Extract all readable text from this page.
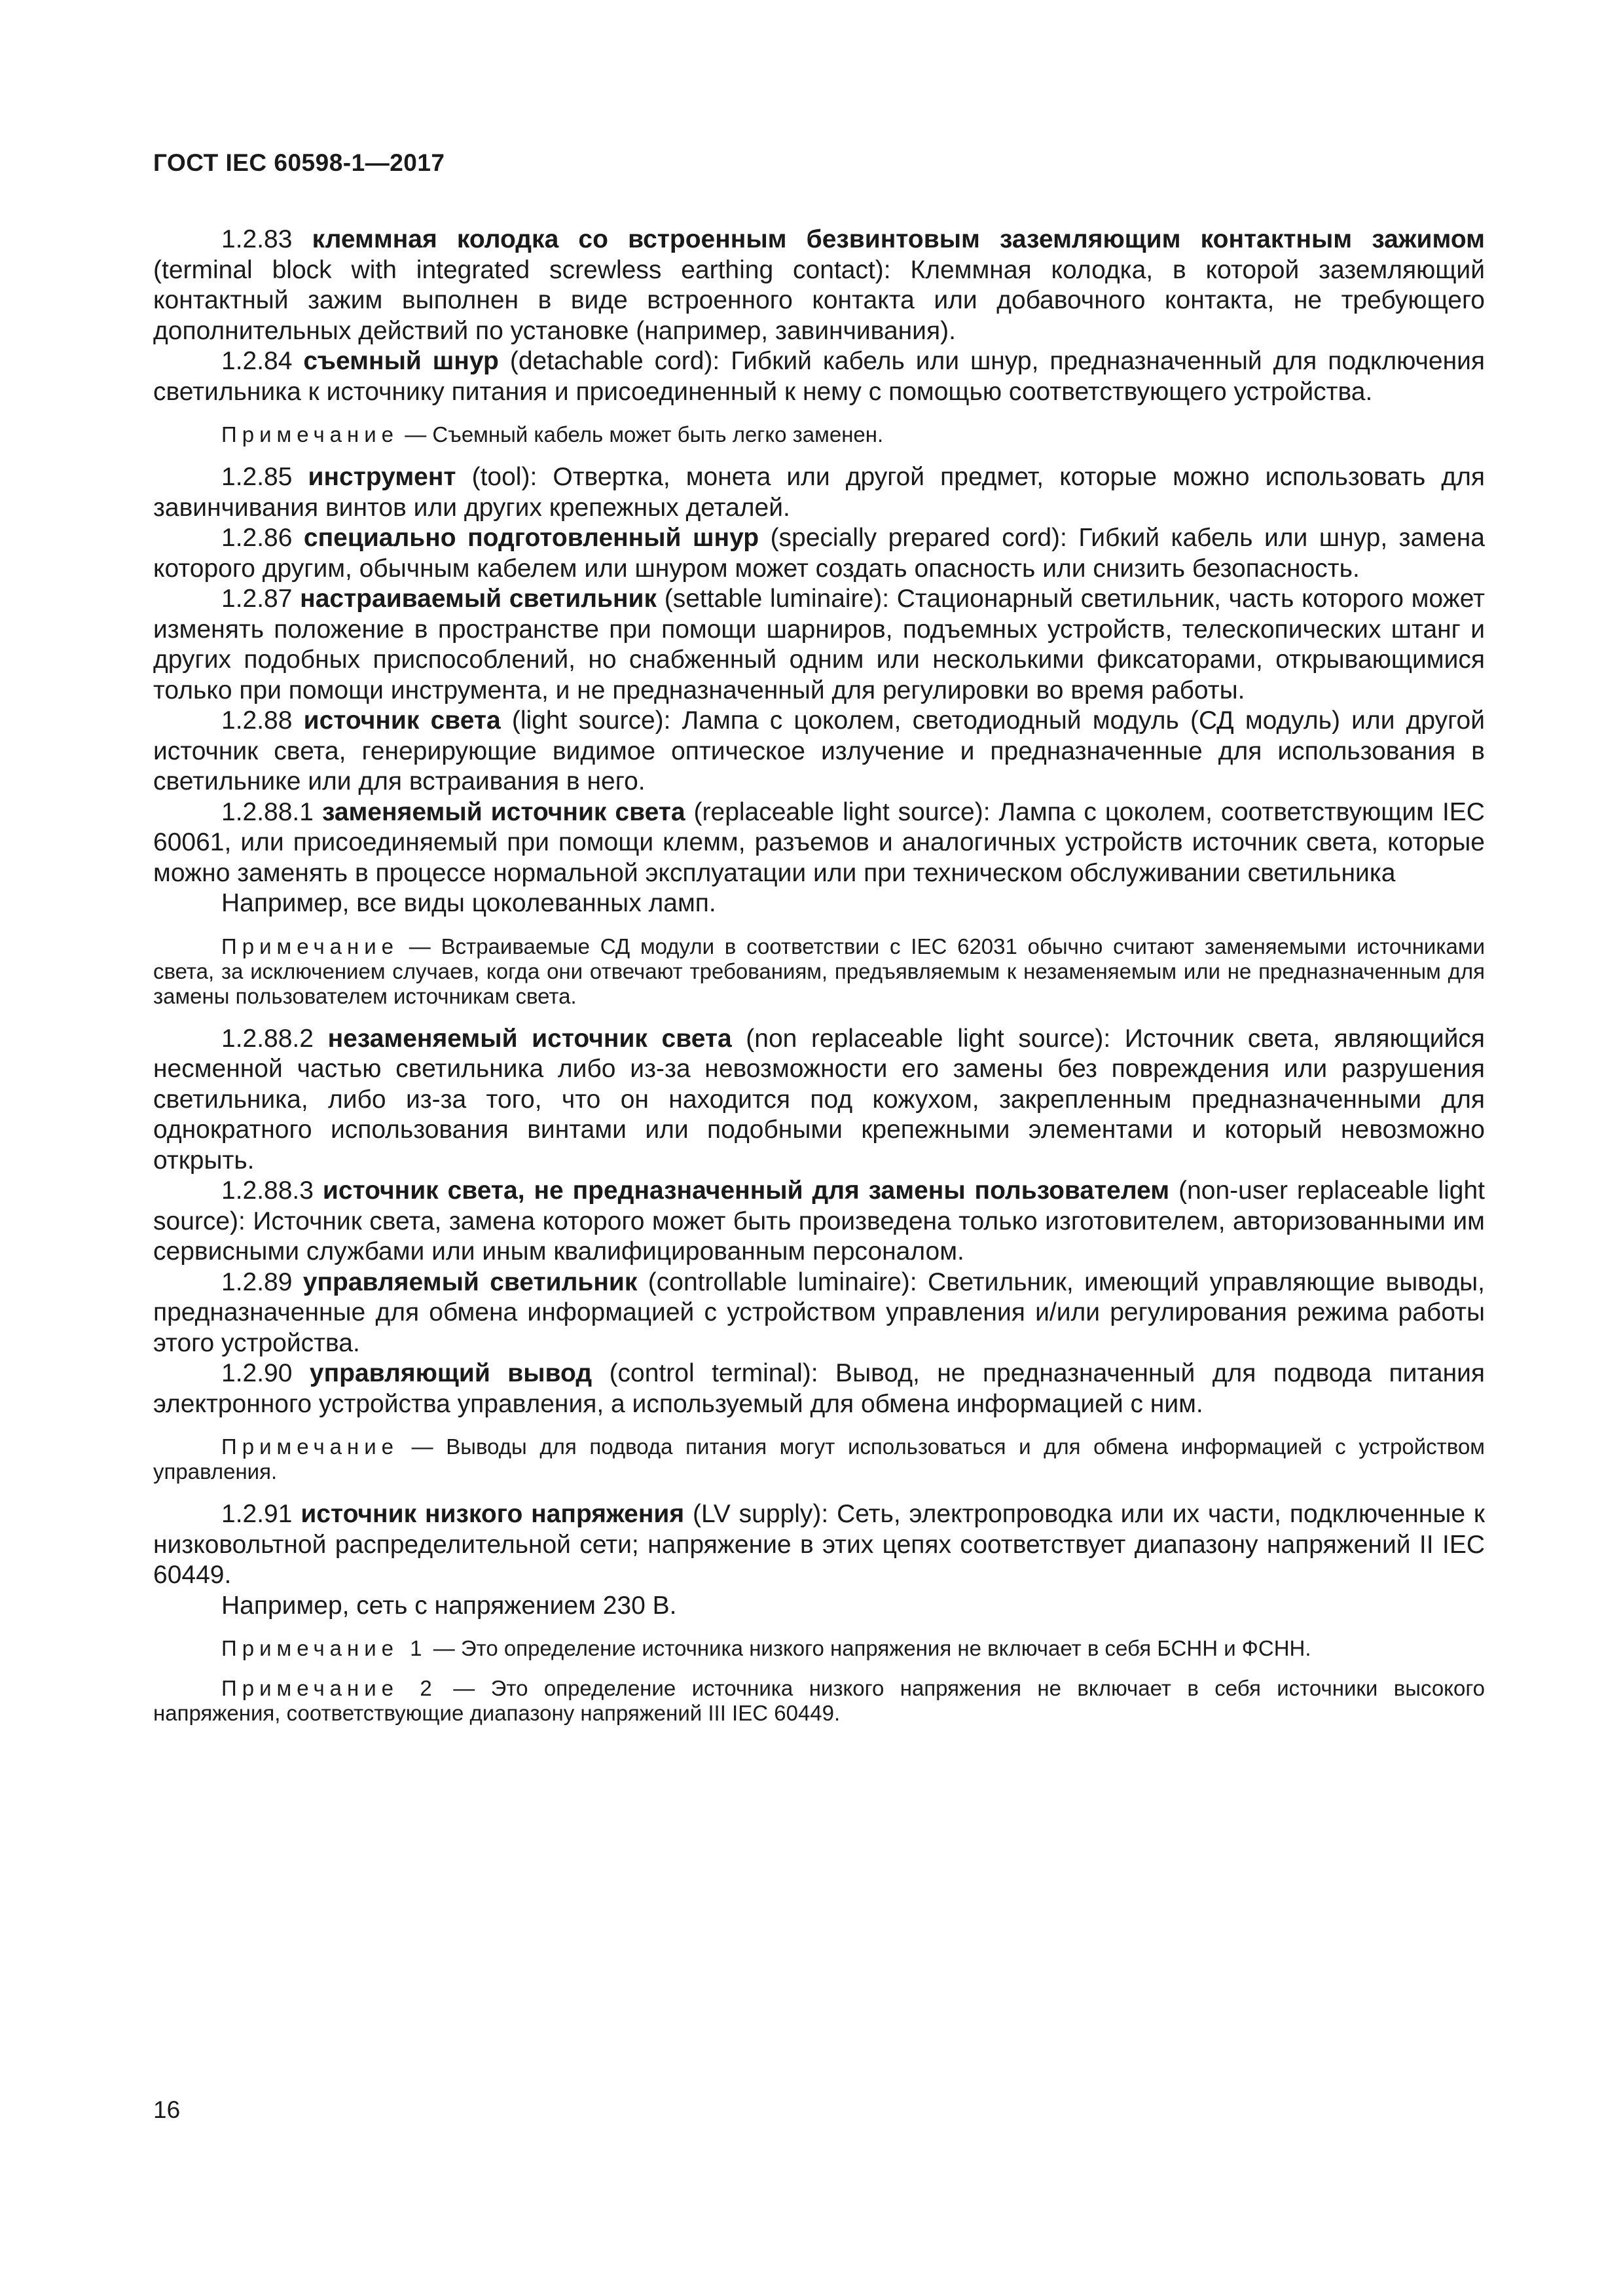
ГОСТ IEC 60598-1—2017

1.2.83 клеммная колодка со встроенным безвинтовым заземляющим контактным зажимом (terminal block with integrated screwless earthing contact): Клеммная колодка, в которой заземляющий контактный зажим выполнен в виде встроенного контакта или добавочного контакта, не требующего дополнительных действий по установке (например, завинчивания).

1.2.84 съемный шнур (detachable cord): Гибкий кабель или шнур, предназначенный для подключения светильника к источнику питания и присоединенный к нему с помощью соответствующего устройства.

Примечание — Съемный кабель может быть легко заменен.

1.2.85 инструмент (tool): Отвертка, монета или другой предмет, которые можно использовать для завинчивания винтов или других крепежных деталей.

1.2.86 специально подготовленный шнур (specially prepared cord): Гибкий кабель или шнур, замена которого другим, обычным кабелем или шнуром может создать опасность или снизить безопасность.

1.2.87 настраиваемый светильник (settable luminaire): Стационарный светильник, часть которого может изменять положение в пространстве при помощи шарниров, подъемных устройств, телескопических штанг и других подобных приспособлений, но снабженный одним или несколькими фиксаторами, открывающимися только при помощи инструмента, и не предназначенный для регулировки во время работы.

1.2.88 источник света (light source): Лампа с цоколем, светодиодный модуль (СД модуль) или другой источник света, генерирующие видимое оптическое излучение и предназначенные для использования в светильнике или для встраивания в него.

1.2.88.1 заменяемый источник света (replaceable light source): Лампа с цоколем, соответствующим IEC 60061, или присоединяемый при помощи клемм, разъемов и аналогичных устройств источник света, которые можно заменять в процессе нормальной эксплуатации или при техническом обслуживании светильника

Например, все виды цоколеванных ламп.

Примечание — Встраиваемые СД модули в соответствии с IEC 62031 обычно считают заменяемыми источниками света, за исключением случаев, когда они отвечают требованиям, предъявляемым к незаменяемым или не предназначенным для замены пользователем источникам света.

1.2.88.2 незаменяемый источник света (non replaceable light source): Источник света, являющийся несменной частью светильника либо из-за невозможности его замены без повреждения или разрушения светильника, либо из-за того, что он находится под кожухом, закрепленным предназначенными для однократного использования винтами или подобными крепежными элементами и который невозможно открыть.

1.2.88.3 источник света, не предназначенный для замены пользователем (non-user replaceable light source): Источник света, замена которого может быть произведена только изготовителем, авторизованными им сервисными службами или иным квалифицированным персоналом.

1.2.89 управляемый светильник (controllable luminaire): Светильник, имеющий управляющие выводы, предназначенные для обмена информацией с устройством управления и/или регулирования режима работы этого устройства.

1.2.90 управляющий вывод (control terminal): Вывод, не предназначенный для подвода питания электронного устройства управления, а используемый для обмена информацией с ним.

Примечание — Выводы для подвода питания могут использоваться и для обмена информацией с устройством управления.

1.2.91 источник низкого напряжения (LV supply): Сеть, электропроводка или их части, подключенные к низковольтной распределительной сети; напряжение в этих цепях соответствует диапазону напряжений II IEC 60449.

Например, сеть с напряжением 230 В.

Примечание 1 — Это определение источника низкого напряжения не включает в себя БСНН и ФСНН.

Примечание 2 — Это определение источника низкого напряжения не включает в себя источники высокого напряжения, соответствующие диапазону напряжений III IEC 60449.

16
